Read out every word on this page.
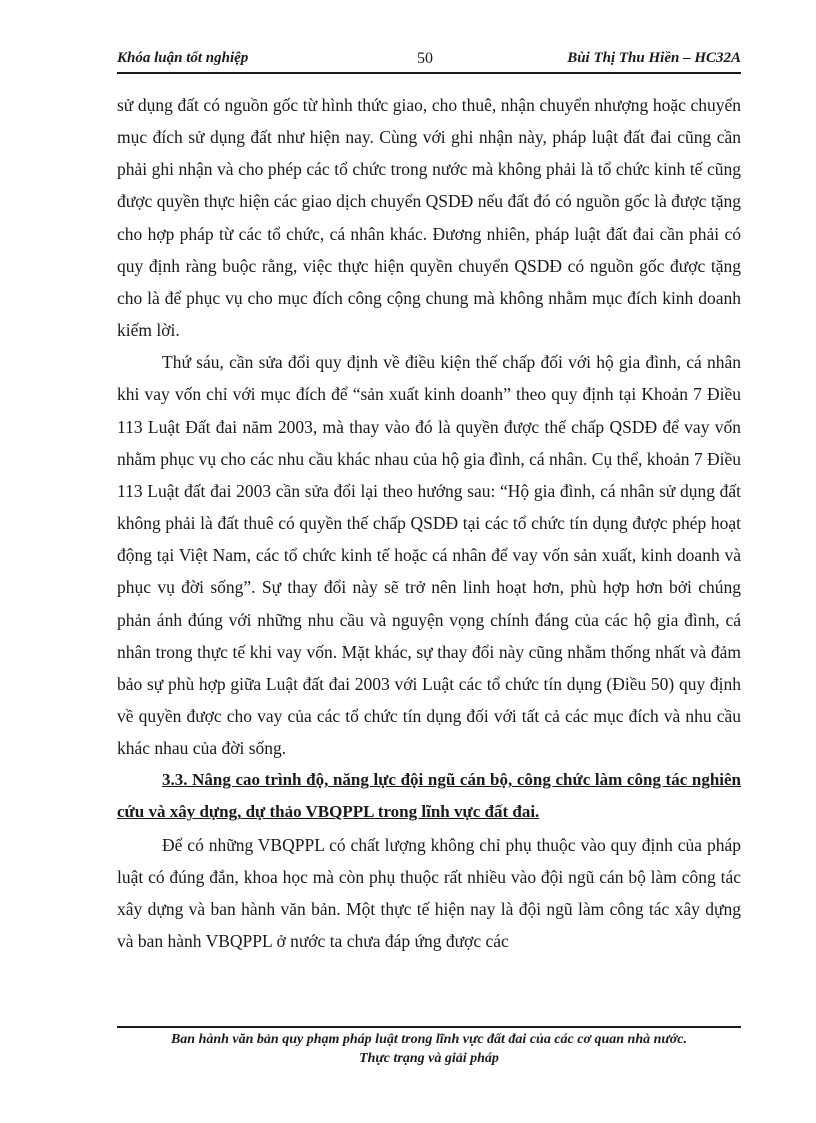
Khóa luận tốt nghiệp	50	Bùi Thị Thu Hiền – HC32A

sử dụng đất có nguồn gốc từ hình thức giao, cho thuê, nhận chuyển nhượng hoặc chuyển mục đích sử dụng đất như hiện nay. Cùng với ghi nhận này, pháp luật đất đai cũng cần phải ghi nhận và cho phép các tổ chức trong nước mà không phải là tổ chức kinh tế cũng được quyền thực hiện các giao dịch chuyển QSDĐ nếu đất đó có nguồn gốc là được tặng cho hợp pháp từ các tổ chức, cá nhân khác. Đương nhiên, pháp luật đất đai cần phải có quy định ràng buộc rằng, việc thực hiện quyền chuyển QSDĐ có nguồn gốc được tặng cho là để phục vụ cho mục đích công cộng chung mà không nhằm mục đích kinh doanh kiếm lời.

Thứ sáu, cần sửa đổi quy định về điều kiện thế chấp đối với hộ gia đình, cá nhân khi vay vốn chỉ với mục đích để “sản xuất kinh doanh” theo quy định tại Khoản 7 Điều 113 Luật Đất đai năm 2003, mà thay vào đó là quyền được thế chấp QSDĐ để vay vốn nhằm phục vụ cho các nhu cầu khác nhau của hộ gia đình, cá nhân. Cụ thể, khoản 7 Điều 113 Luật đất đai 2003 cần sửa đổi lại theo hướng sau: “Hộ gia đình, cá nhân sử dụng đất không phải là đất thuê có quyền thế chấp QSDĐ tại các tổ chức tín dụng được phép hoạt động tại Việt Nam, các tổ chức kinh tế hoặc cá nhân để vay vốn sản xuất, kinh doanh và phục vụ đời sống”. Sự thay đổi này sẽ trở nên linh hoạt hơn, phù hợp hơn bởi chúng phản ánh đúng với những nhu cầu và nguyện vọng chính đáng của các hộ gia đình, cá nhân trong thực tế khi vay vốn. Mặt khác, sự thay đổi này cũng nhằm thống nhất và đảm bảo sự phù hợp giữa Luật đất đai 2003 với Luật các tổ chức tín dụng (Điều 50) quy định về quyền được cho vay của các tổ chức tín dụng đối với tất cả các mục đích và nhu cầu khác nhau của đời sống.

3.3. Nâng cao trình độ, năng lực đội ngũ cán bộ, công chức làm công tác nghiên cứu và xây dựng, dự thảo VBQPPL trong lĩnh vực đất đai.

Để có những VBQPPL có chất lượng không chỉ phụ thuộc vào quy định của pháp luật có đúng đắn, khoa học mà còn phụ thuộc rất nhiều vào đội ngũ cán bộ làm công tác xây dựng và ban hành văn bản. Một thực tế hiện nay là đội ngũ làm công tác xây dựng và ban hành VBQPPL ở nước ta chưa đáp ứng được các

Ban hành văn bản quy phạm pháp luật trong lĩnh vực đất đai của các cơ quan nhà nước.
Thực trạng và giải pháp
